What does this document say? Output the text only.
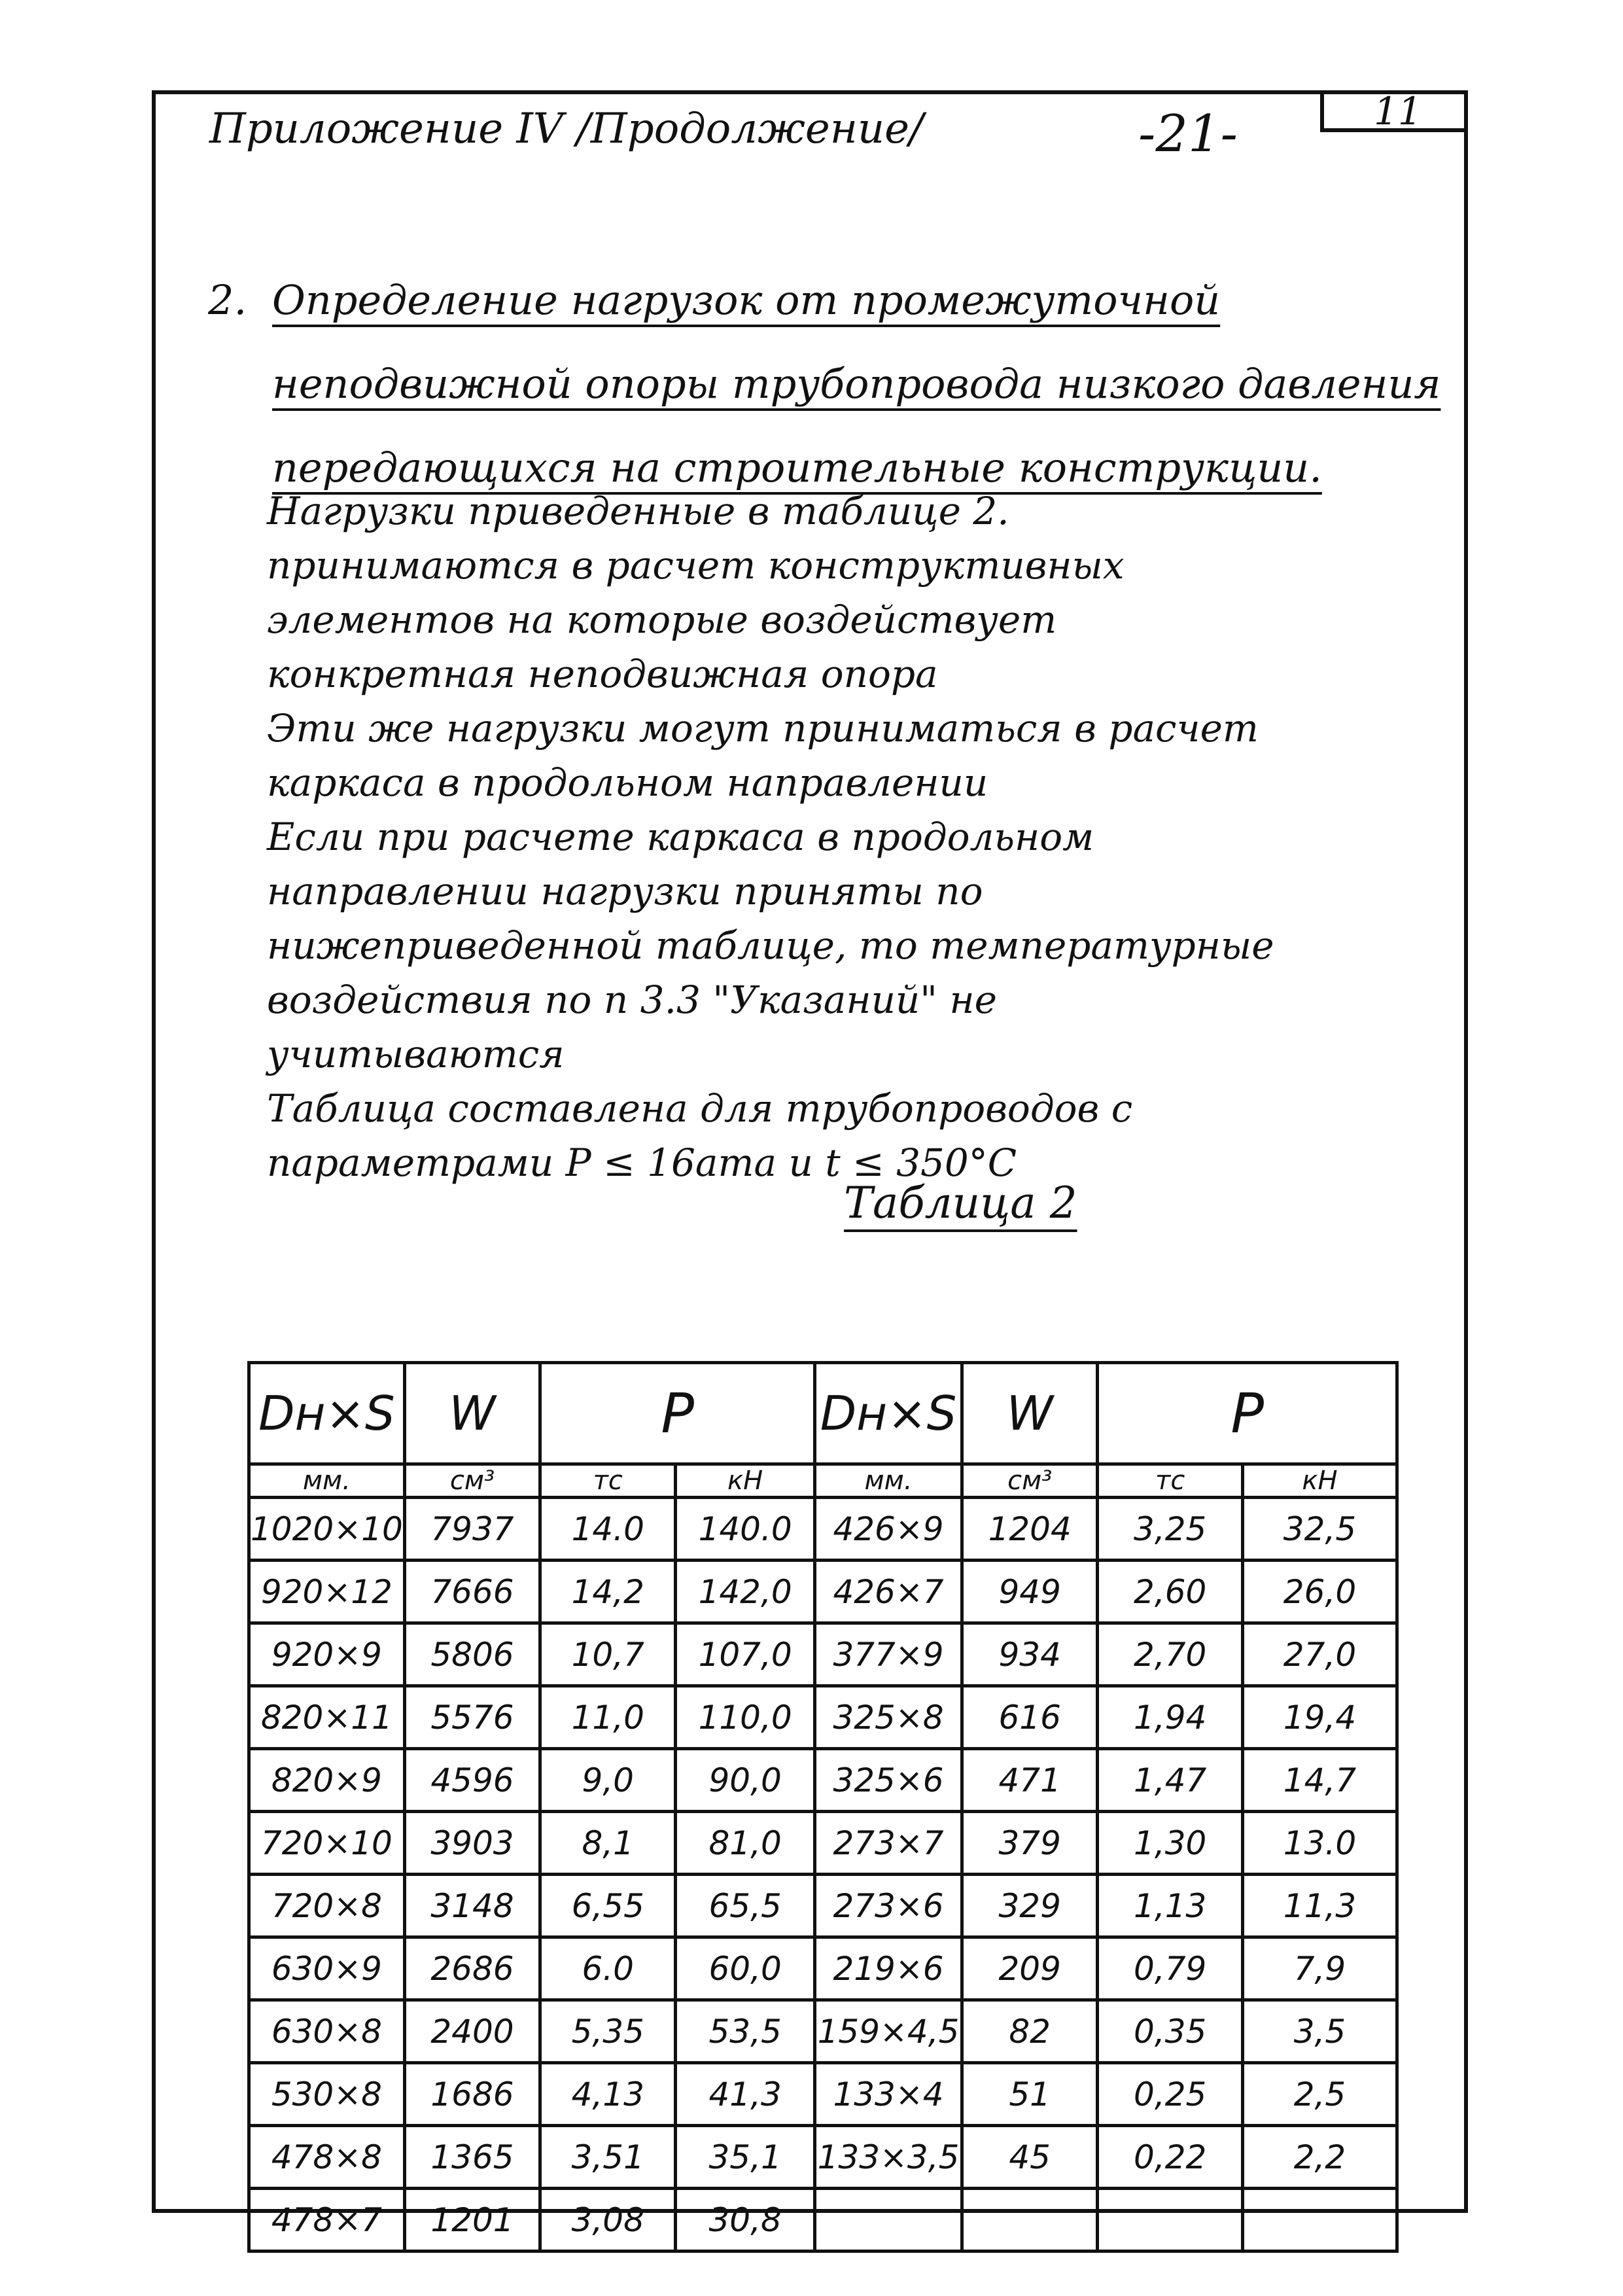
11
Приложение IV /Продолжение/	-21-
2. Определение нагрузок от промежуточной неподвижной опоры трубопровода низкого давления передающихся на строительные конструкции.

Нагрузки приведенные в таблице 2. принимаются в расчет конструктивных элементов на которые воздействует конкретная неподвижная опора

Эти же нагрузки могут приниматься в расчет каркаса в продольном направлении

Если при расчете каркаса в продольном направлении нагрузки приняты по нижеприведенной таблице, то температурные воздействия по п 3.3 "Указаний" не учитываются

Таблица составлена для трубопроводов с параметрами P ≤ 16ата и t ≤ 350°C

Таблица 2
Dн×S	W	P		Dн×S	W	P	
мм.	см³	тс	кН	мм.	см³	тс	кН
1020×10	7937	14.0	140.0	426×9	1204	3,25	32,5
920×12	7666	14,2	142,0	426×7	949	2,60	26,0
920×9	5806	10,7	107,0	377×9	934	2,70	27,0
820×11	5576	11,0	110,0	325×8	616	1,94	19,4
820×9	4596	9,0	90,0	325×6	471	1,47	14,7
720×10	3903	8,1	81,0	273×7	379	1,30	13.0
720×8	3148	6,55	65,5	273×6	329	1,13	11,3
630×9	2686	6.0	60,0	219×6	209	0,79	7,9
630×8	2400	5,35	53,5	159×4,5	82	0,35	3,5
530×8	1686	4,13	41,3	133×4	51	0,25	2,5
478×8	1365	3,51	35,1	133×3,5	45	0,22	2,2
478×7	1201	3,08	30,8				
